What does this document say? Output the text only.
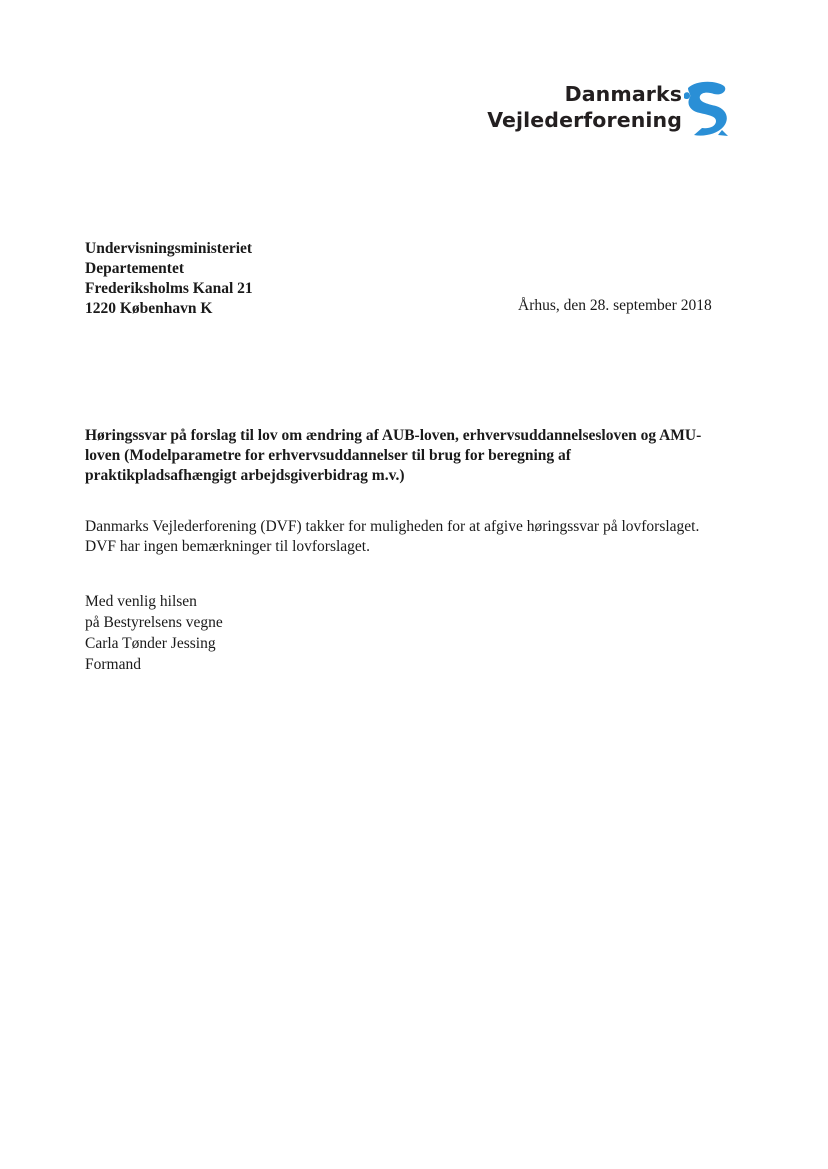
Danmarks
Vejlederforening
Undervisningsministeriet
Departementet
Frederiksholms Kanal 21
1220 København K	Århus, den 28. september 2018
Høringssvar på forslag til lov om ændring af AUB-loven, erhvervsuddannelsesloven og AMU-
loven (Modelparametre for erhvervsuddannelser til brug for beregning af
praktikpladsafhængigt arbejdsgiverbidrag m.v.)
Danmarks Vejlederforening (DVF) takker for muligheden for at afgive høringssvar på lovforslaget.
DVF har ingen bemærkninger til lovforslaget.
Med venlig hilsen
på Bestyrelsens vegne
Carla Tønder Jessing
Formand
